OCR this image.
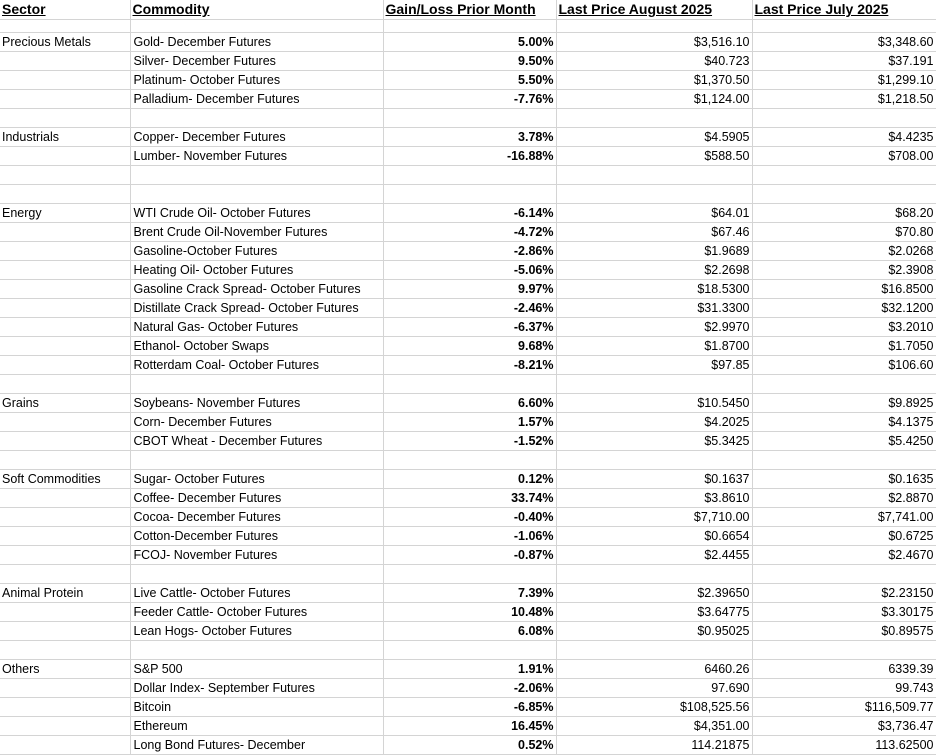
Sector	Commodity	Gain/Loss Prior Month	Last Price August 2025	Last Price July 2025

Precious Metals	Gold- December Futures	5.00%	$3,516.10	$3,348.60
	Silver- December Futures	9.50%	$40.723	$37.191
	Platinum- October Futures	5.50%	$1,370.50	$1,299.10
	Palladium- December Futures	-7.76%	$1,124.00	$1,218.50

Industrials	Copper- December Futures	3.78%	$4.5905	$4.4235
	Lumber- November Futures	-16.88%	$588.50	$708.00

Energy	WTI Crude Oil- October Futures	-6.14%	$64.01	$68.20
	Brent Crude Oil-November Futures	-4.72%	$67.46	$70.80
	Gasoline-October Futures	-2.86%	$1.9689	$2.0268
	Heating Oil- October Futures	-5.06%	$2.2698	$2.3908
	Gasoline Crack Spread- October Futures	9.97%	$18.5300	$16.8500
	Distillate Crack Spread- October Futures	-2.46%	$31.3300	$32.1200
	Natural Gas- October Futures	-6.37%	$2.9970	$3.2010
	Ethanol- October Swaps	9.68%	$1.8700	$1.7050
	Rotterdam Coal- October Futures	-8.21%	$97.85	$106.60

Grains	Soybeans- November Futures	6.60%	$10.5450	$9.8925
	Corn- December Futures	1.57%	$4.2025	$4.1375
	CBOT Wheat - December Futures	-1.52%	$5.3425	$5.4250

Soft Commodities	Sugar- October Futures	0.12%	$0.1637	$0.1635
	Coffee- December Futures	33.74%	$3.8610	$2.8870
	Cocoa- December Futures	-0.40%	$7,710.00	$7,741.00
	Cotton-December Futures	-1.06%	$0.6654	$0.6725
	FCOJ- November Futures	-0.87%	$2.4455	$2.4670

Animal Protein	Live Cattle- October Futures	7.39%	$2.39650	$2.23150
	Feeder Cattle- October Futures	10.48%	$3.64775	$3.30175
	Lean Hogs- October Futures	6.08%	$0.95025	$0.89575

Others	S&P 500	1.91%	6460.26	6339.39
	Dollar Index- September Futures	-2.06%	97.690	99.743
	Bitcoin	-6.85%	$108,525.56	$116,509.77
	Ethereum	16.45%	$4,351.00	$3,736.47
	Long Bond Futures- December	0.52%	114.21875	113.62500
